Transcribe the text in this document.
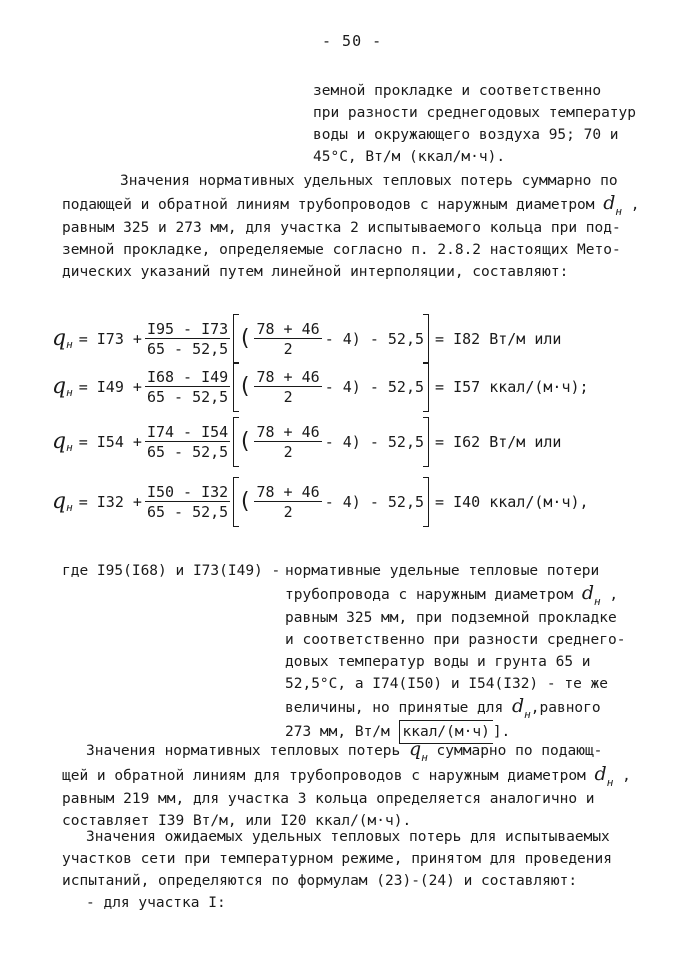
- 50 -
земной прокладке и соответственно
при разности среднегодовых температур
воды и окружающего воздуха 95; 70 и
45°С, Вт/м (ккал/м·ч).
Значения нормативных удельных тепловых потерь суммарно по
подающей и обратной линиям трубопроводов с наружным диаметром $d_н$ ,
равным 325 и 273 мм, для участка 2 испытываемого кольца при под-
земной прокладке, определяемые согласно п. 2.8.2 настоящих Мето-
дических указаний путем линейной интерполяции, составляют:
q $н = I73 + \frac{I95 - I73}{65 - 52,5}$ ( $\frac{78 + 46}{2} - 4) - 52,5 = I82$ Вт/м или
q $н = I49 + \frac{I68 - I49}{65 - 52,5}$ ( $\frac{78 + 46}{2} - 4) - 52,5 = I57$ ккал/(м·ч);
q $н = I54 + \frac{I74 - I54}{65 - 52,5}$ ( $\frac{78 + 46}{2} - 4) - 52,5 = I62$ Вт/м или
q $н = I32 + \frac{I50 - I32}{65 - 52,5}$ ( $\frac{78 + 46}{2} - 4) - 52,5 = I40$ ккал/(м·ч),
где I95(I68) и I73(I49) - нормативные удельные тепловые потери
трубопровода с наружным диаметром $d_н$ ,
равным 325 мм, при подземной прокладке
и соответственно при разности среднего-
довых температур воды и грунта 65 и
52,5°С, а I74(I50) и I54(I32) - те же
величины, но принятые для $d_н,равного$
273 мм, Вт/м ккал/(м·ч) ].
Значения нормативных тепловых потерь $q_н$ суммарно по подающ-
щей и обратной линиям для трубопроводов с наружным диаметром $d_н$ ,
равным 219 мм, для участка 3 кольца определяется аналогично и
составляет I39 Вт/м, или I20 ккал/(м·ч).
Значения ожидаемых удельных тепловых потерь для испытываемых
участков сети при температурном режиме, принятом для проведения
испытаний, определяются по формулам (23)-(24) и составляют:
- для участка I:
